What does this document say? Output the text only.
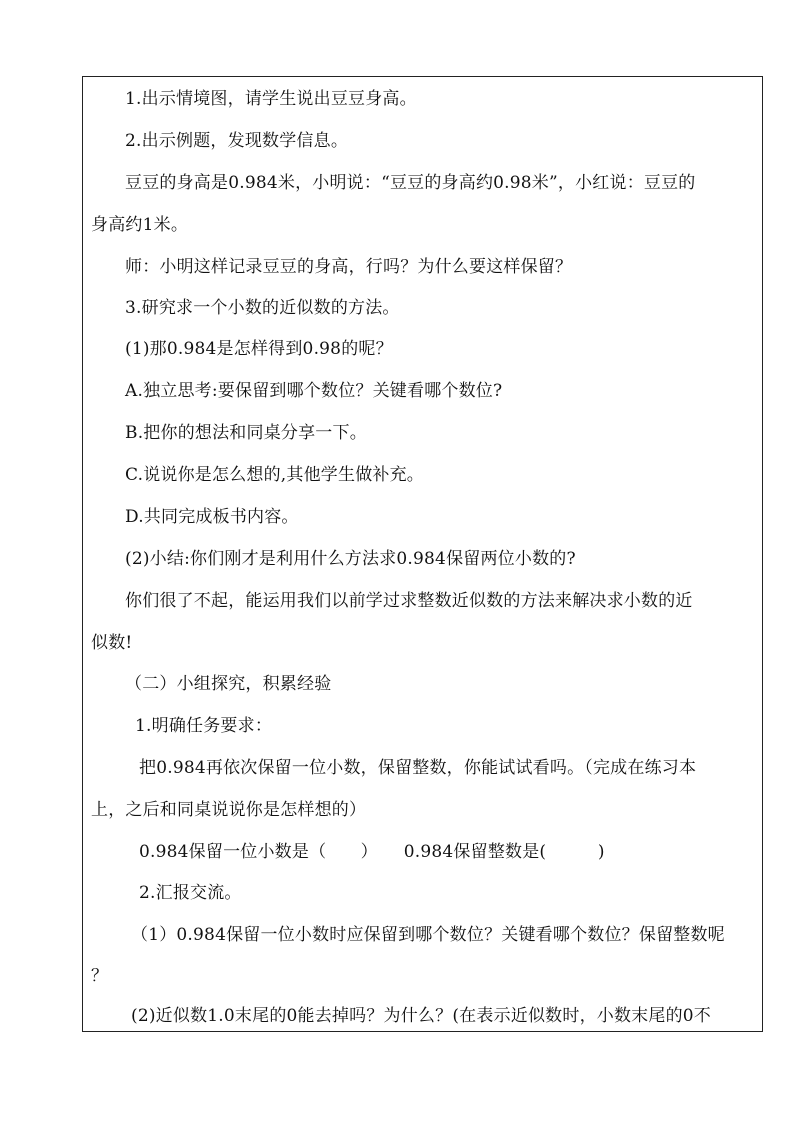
1.出示情境图，请学生说出豆豆身高。
2.出示例题，发现数学信息。
豆豆的身高是0.984米，小明说：“豆豆的身高约0.98米”，小红说：豆豆的
身高约1米。
师：小明这样记录豆豆的身高，行吗？为什么要这样保留？
3.研究求一个小数的近似数的方法。
(1)那0.984是怎样得到0.98的呢？
A.独立思考:要保留到哪个数位？关键看哪个数位?
B.把你的想法和同桌分享一下。
C.说说你是怎么想的,其他学生做补充。
D.共同完成板书内容。
(2)小结:你们刚才是利用什么方法求0.984保留两位小数的?
你们很了不起，能运用我们以前学过求整数近似数的方法来解决求小数的近
似数!
（二）小组探究，积累经验
1.明确任务要求：
把0.984再依次保留一位小数，保留整数，你能试试看吗。（完成在练习本
上，之后和同桌说说你是怎样想的）
0.984保留一位小数是（　　）　　0.984保留整数是(　　　)
2.汇报交流。
（1）0.984保留一位小数时应保留到哪个数位？关键看哪个数位？保留整数呢
？
(2)近似数1.0末尾的0能去掉吗？为什么？(在表示近似数时，小数末尾的0不
